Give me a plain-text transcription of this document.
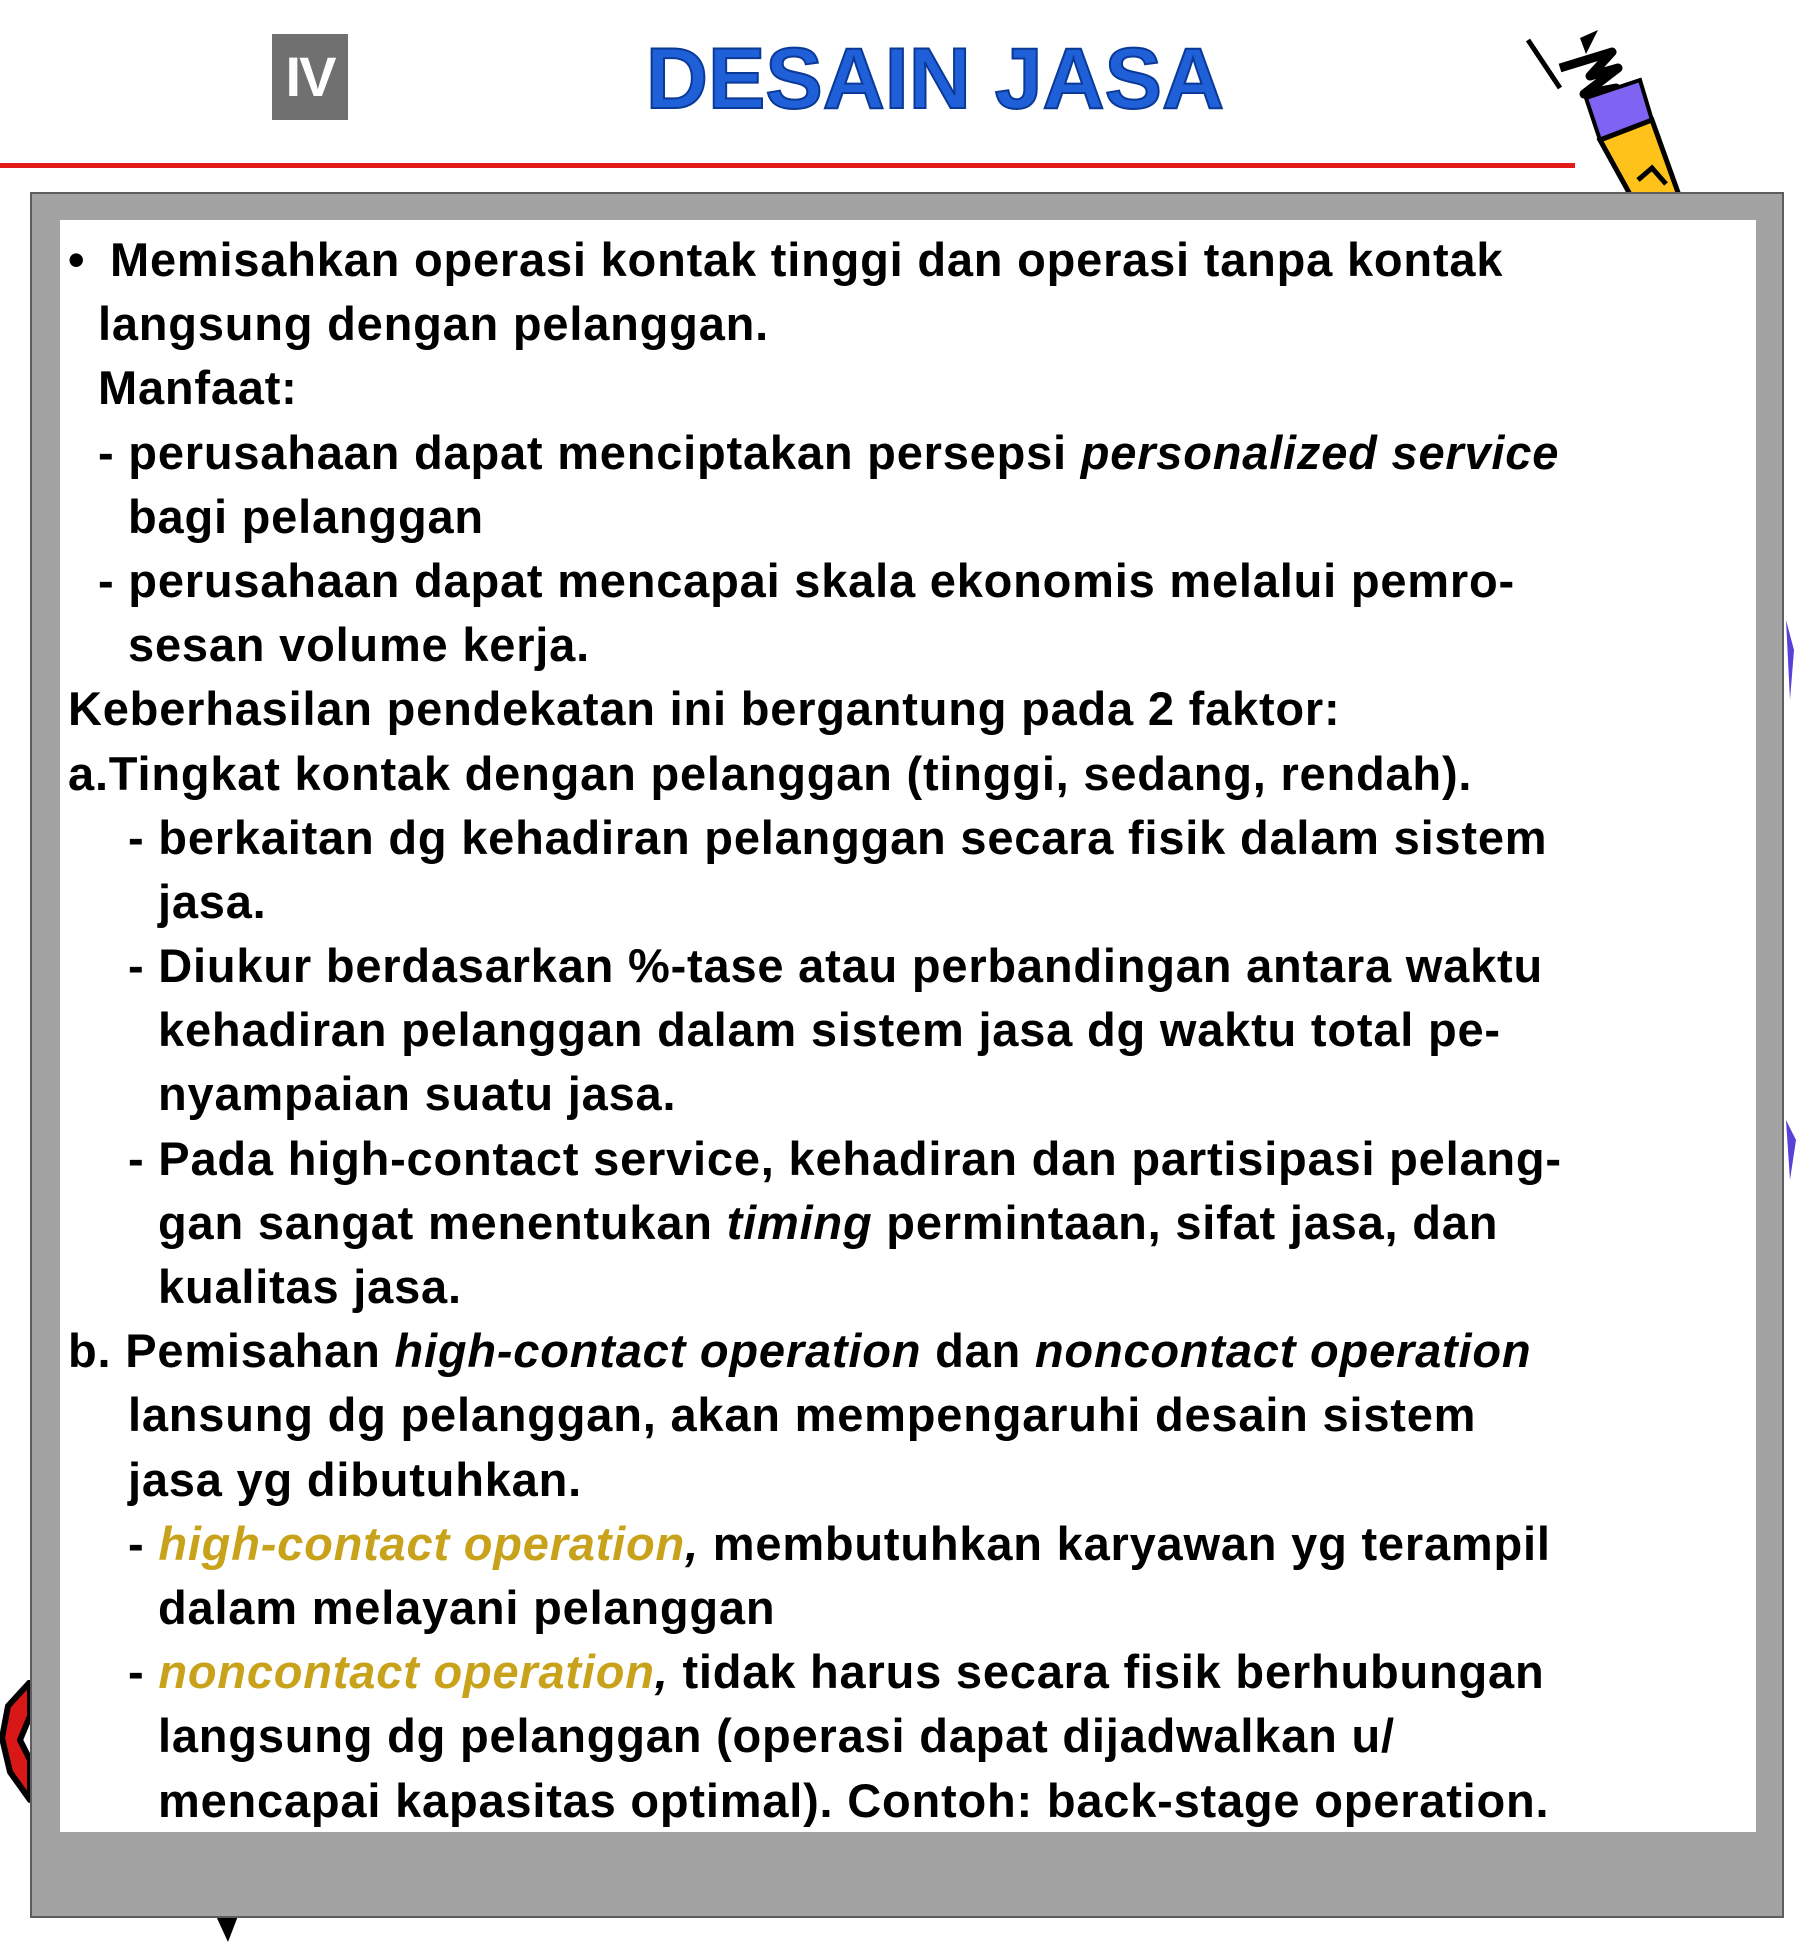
IV	DESAIN JASA

• Memisahkan operasi kontak tinggi dan operasi tanpa kontak

langsung dengan pelanggan.

Manfaat:

- perusahaan dapat menciptakan persepsi personalized service

bagi pelanggan

- perusahaan dapat mencapai skala ekonomis melalui pemro-

sesan volume kerja.

Keberhasilan pendekatan ini bergantung pada 2 faktor:

a.Tingkat kontak dengan pelanggan (tinggi, sedang, rendah).

- berkaitan dg kehadiran pelanggan secara fisik dalam sistem

jasa.

- Diukur berdasarkan %-tase atau perbandingan antara waktu

kehadiran pelanggan dalam sistem jasa dg waktu total pe-

nyampaian suatu jasa.

- Pada high-contact service, kehadiran dan partisipasi pelang-

gan sangat menentukan timing permintaan, sifat jasa, dan

kualitas jasa.

b. Pemisahan high-contact operation dan noncontact operation

lansung dg pelanggan, akan mempengaruhi desain sistem

jasa yg dibutuhkan.

- high-contact operation, membutuhkan karyawan yg terampil

dalam melayani pelanggan

- noncontact operation, tidak harus secara fisik berhubungan

langsung dg pelanggan (operasi dapat dijadwalkan u/

mencapai kapasitas optimal). Contoh: back-stage operation.
